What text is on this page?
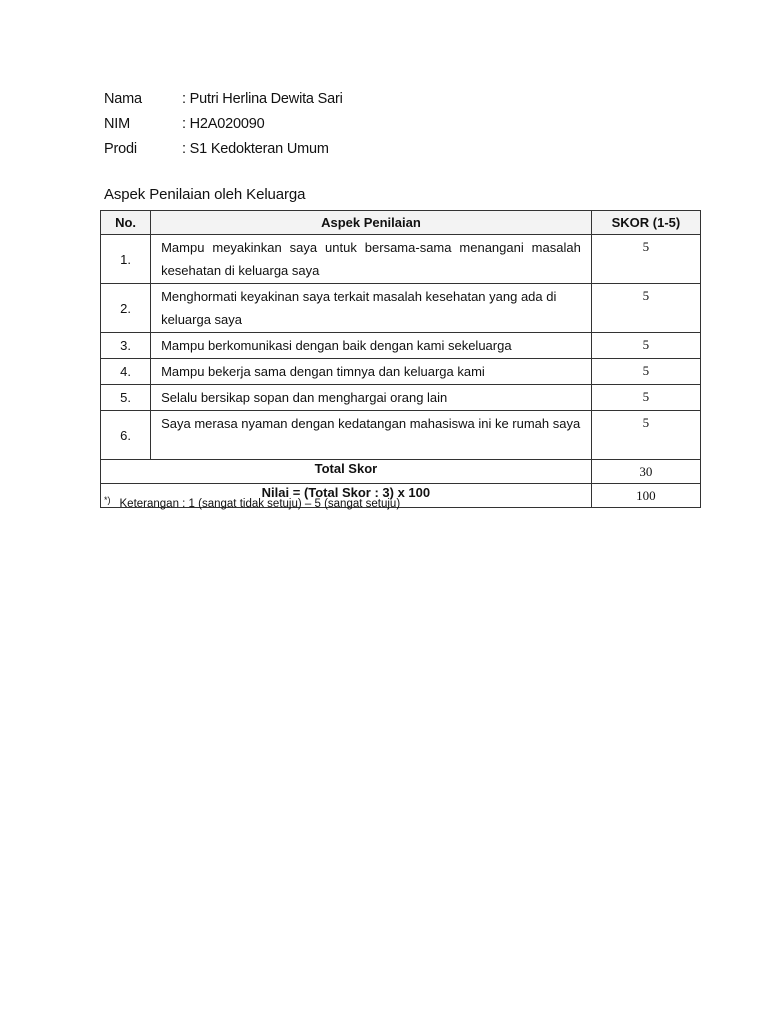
Nama	: Putri Herlina Dewita Sari
NIM	: H2A020090
Prodi	: S1 Kedokteran Umum
Aspek Penilaian oleh Keluarga
No.	Aspek Penilaian	SKOR (1-5)
1.	Mampu meyakinkan saya untuk bersama-sama menangani masalah kesehatan di keluarga saya	5
2.	Menghormati keyakinan saya terkait masalah kesehatan yang ada di keluarga saya	5
3.	Mampu berkomunikasi dengan baik dengan kami sekeluarga	5
4.	Mampu bekerja sama dengan timnya dan keluarga kami	5
5.	Selalu bersikap sopan dan menghargai orang lain	5
6.	Saya merasa nyaman dengan kedatangan mahasiswa ini ke rumah saya	5
Total Skor		30
Nilai = (Total Skor : 3) x 100		100
*) Keterangan : 1 (sangat tidak setuju) – 5 (sangat setuju)
